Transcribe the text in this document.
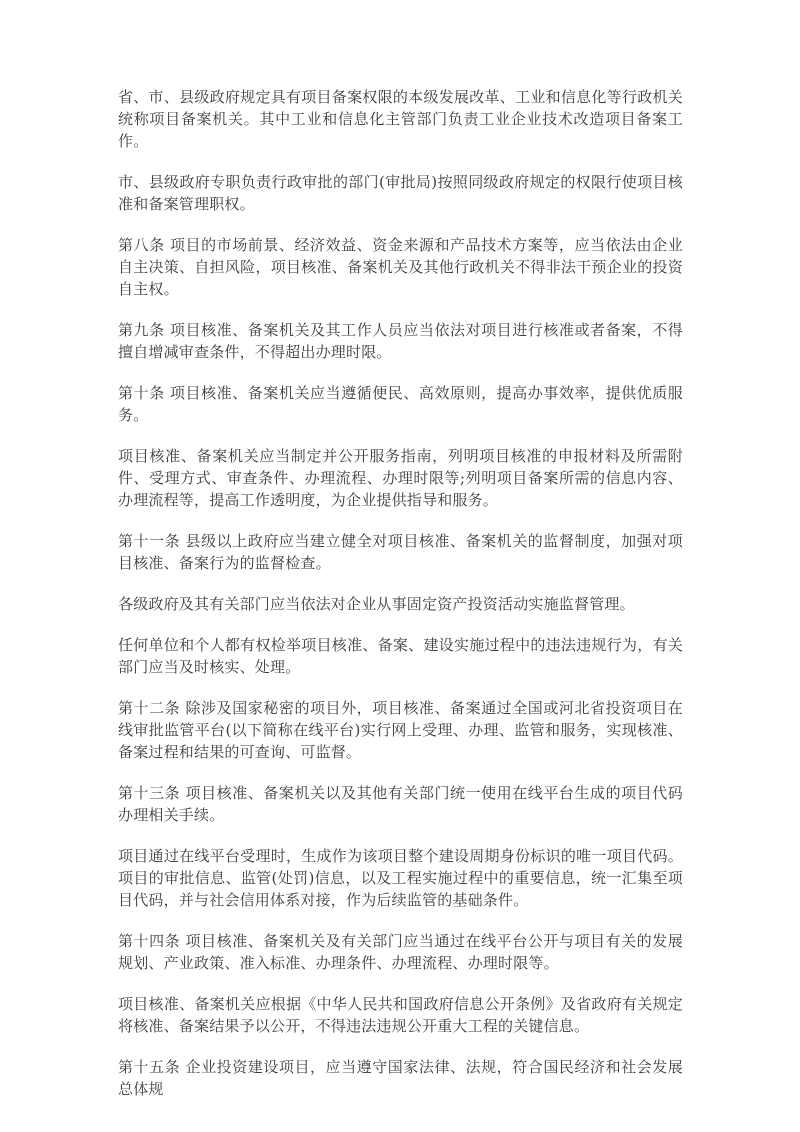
省、市、县级政府规定具有项目备案权限的本级发展改革、工业和信息化等行政机关统称项目备案机关。其中工业和信息化主管部门负责工业企业技术改造项目备案工作。

市、县级政府专职负责行政审批的部门(审批局)按照同级政府规定的权限行使项目核准和备案管理职权。

第八条 项目的市场前景、经济效益、资金来源和产品技术方案等，应当依法由企业自主决策、自担风险，项目核准、备案机关及其他行政机关不得非法干预企业的投资自主权。

第九条 项目核准、备案机关及其工作人员应当依法对项目进行核准或者备案，不得擅自增减审查条件，不得超出办理时限。

第十条 项目核准、备案机关应当遵循便民、高效原则，提高办事效率，提供优质服务。

项目核准、备案机关应当制定并公开服务指南，列明项目核准的申报材料及所需附件、受理方式、审查条件、办理流程、办理时限等;列明项目备案所需的信息内容、办理流程等，提高工作透明度，为企业提供指导和服务。

第十一条 县级以上政府应当建立健全对项目核准、备案机关的监督制度，加强对项目核准、备案行为的监督检查。

各级政府及其有关部门应当依法对企业从事固定资产投资活动实施监督管理。

任何单位和个人都有权检举项目核准、备案、建设实施过程中的违法违规行为，有关部门应当及时核实、处理。

第十二条 除涉及国家秘密的项目外，项目核准、备案通过全国或河北省投资项目在线审批监管平台(以下简称在线平台)实行网上受理、办理、监管和服务，实现核准、备案过程和结果的可查询、可监督。

第十三条 项目核准、备案机关以及其他有关部门统一使用在线平台生成的项目代码办理相关手续。

项目通过在线平台受理时，生成作为该项目整个建设周期身份标识的唯一项目代码。项目的审批信息、监管(处罚)信息，以及工程实施过程中的重要信息，统一汇集至项目代码，并与社会信用体系对接，作为后续监管的基础条件。

第十四条 项目核准、备案机关及有关部门应当通过在线平台公开与项目有关的发展规划、产业政策、准入标准、办理条件、办理流程、办理时限等。

项目核准、备案机关应根据《中华人民共和国政府信息公开条例》及省政府有关规定将核准、备案结果予以公开，不得违法违规公开重大工程的关键信息。

第十五条 企业投资建设项目，应当遵守国家法律、法规，符合国民经济和社会发展总体规
